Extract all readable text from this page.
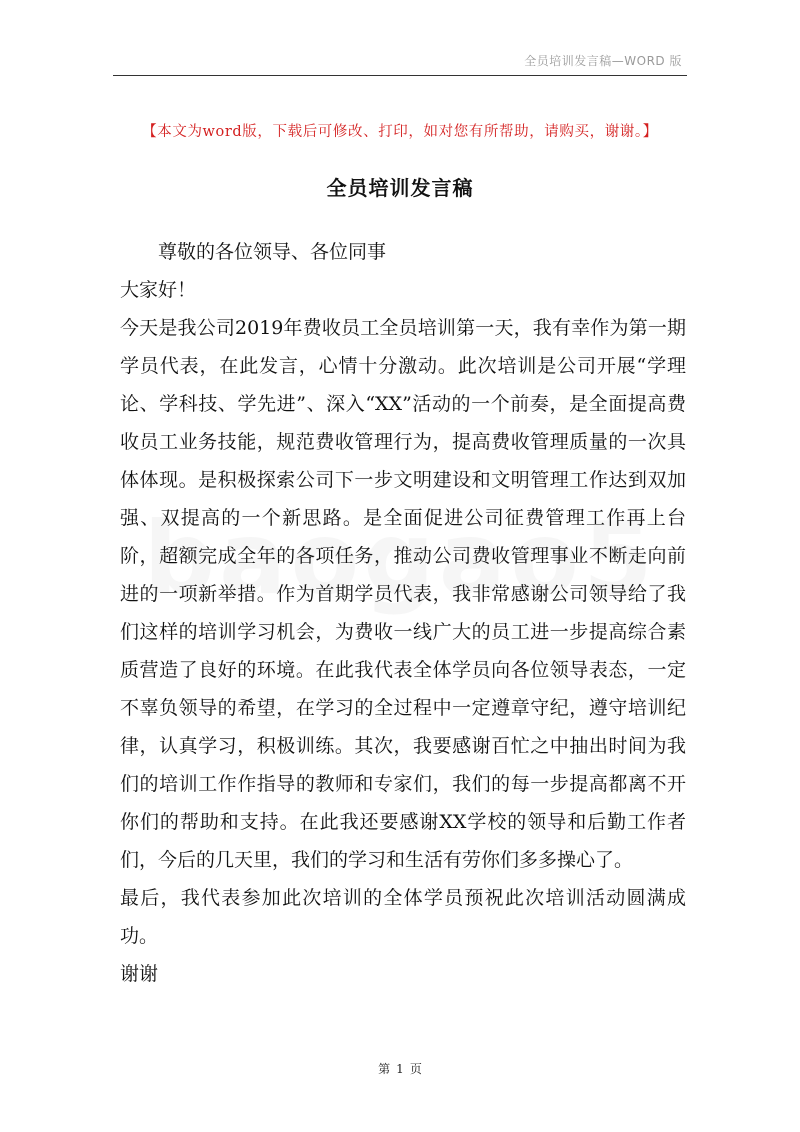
全员培训发言稿—WORD 版
【本文为word版，下载后可修改、打印，如对您有所帮助，请购买，谢谢。】
全员培训发言稿

尊敬的各位领导、各位同事

大家好！

今天是我公司2019年费收员工全员培训第一天，我有幸作为第一期学员代表，在此发言，心情十分激动。此次培训是公司开展“学理论、学科技、学先进”、深入“XX”活动的一个前奏，是全面提高费收员工业务技能，规范费收管理行为，提高费收管理质量的一次具体体现。是积极探索公司下一步文明建设和文明管理工作达到双加强、双提高的一个新思路。是全面促进公司征费管理工作再上台阶，超额完成全年的各项任务，推动公司费收管理事业不断走向前进的一项新举措。作为首期学员代表，我非常感谢公司领导给了我们这样的培训学习机会，为费收一线广大的员工进一步提高综合素质营造了良好的环境。在此我代表全体学员向各位领导表态，一定不辜负领导的希望，在学习的全过程中一定遵章守纪，遵守培训纪律，认真学习，积极训练。其次，我要感谢百忙之中抽出时间为我们的培训工作作指导的教师和专家们，我们的每一步提高都离不开你们的帮助和支持。在此我还要感谢XX学校的领导和后勤工作者们，今后的几天里，我们的学习和生活有劳你们多多操心了。

最后，我代表参加此次培训的全体学员预祝此次培训活动圆满成功。

谢谢

第 1 页
